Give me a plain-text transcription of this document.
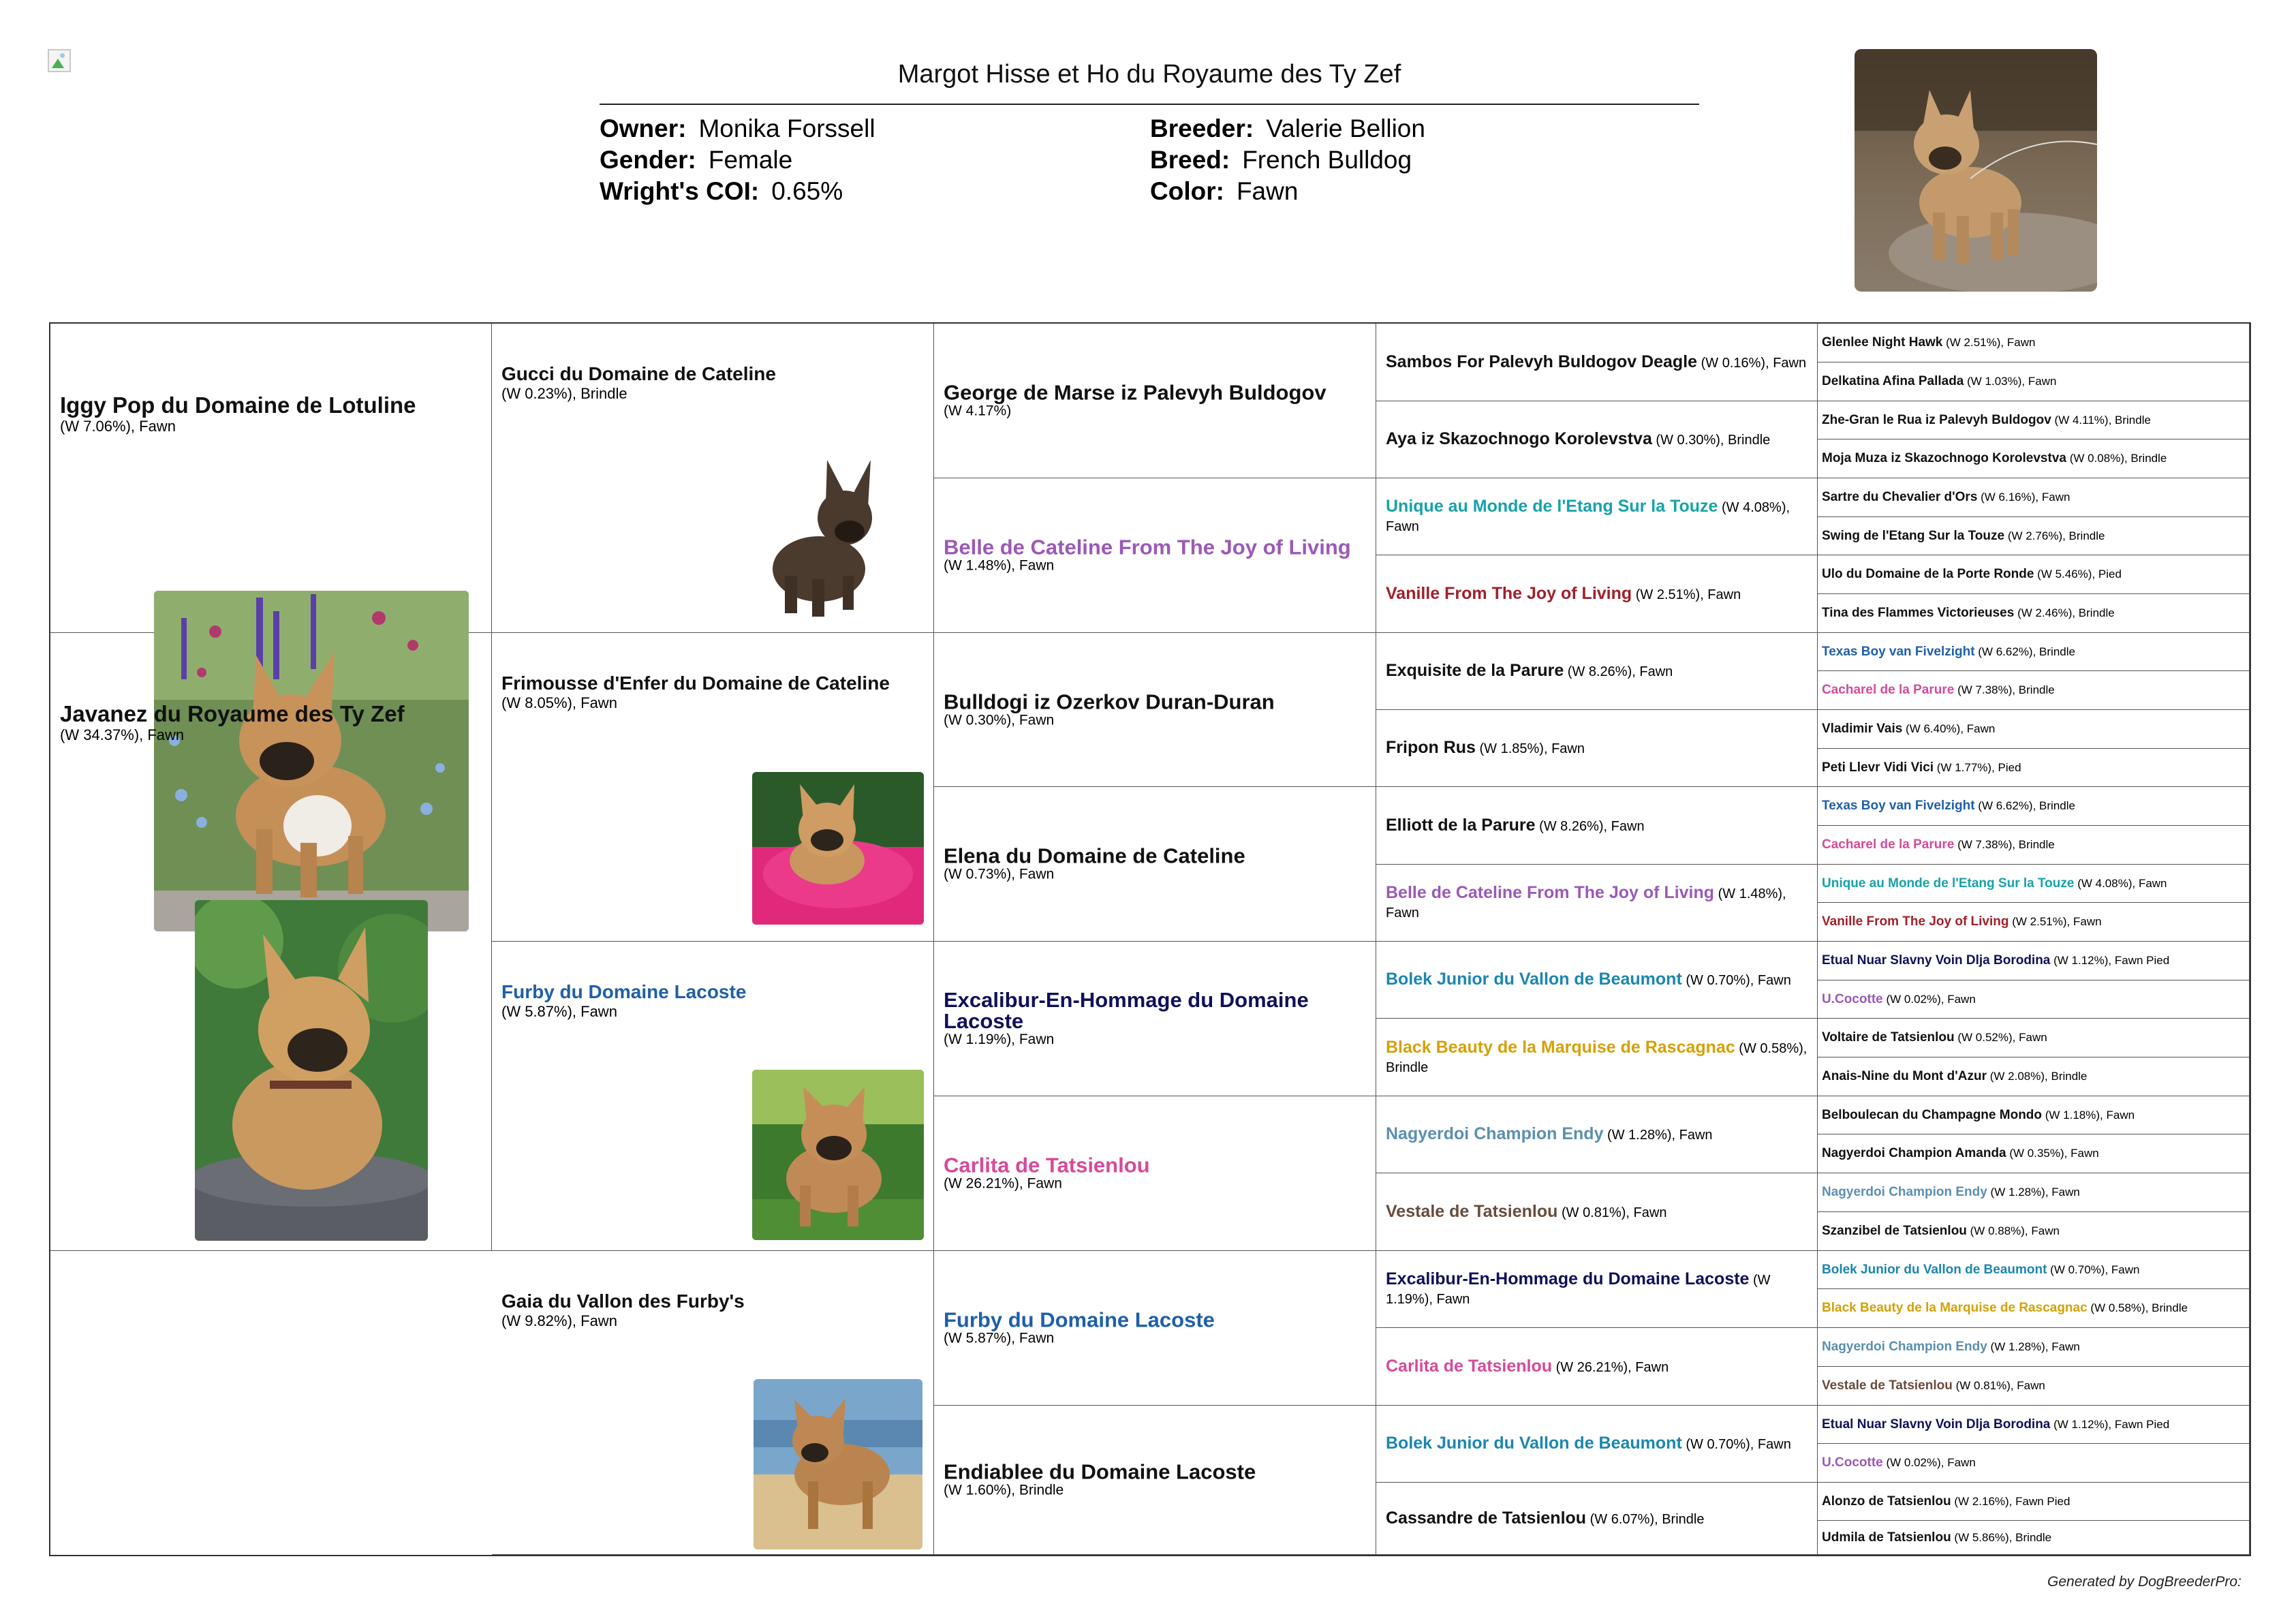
Margot Hisse et Ho du Royaume des Ty Zef
Owner: Monika Forssell
Gender: Female
Wright's COI: 0.65%
Breeder: Valerie Bellion
Breed: French Bulldog
Color: Fawn
Iggy Pop du Domaine de Lotuline
(W 7.06%), Fawn
Javanez du Royaume des Ty Zef
(W 34.37%), Fawn
Gucci du Domaine de Cateline
(W 0.23%), Brindle
Frimousse d'Enfer du Domaine de Cateline
(W 8.05%), Fawn
Furby du Domaine Lacoste
(W 5.87%), Fawn
Gaia du Vallon des Furby's
(W 9.82%), Fawn
George de Marse iz Palevyh Buldogov
(W 4.17%)
Belle de Cateline From The Joy of Living
(W 1.48%), Fawn
Bulldogi iz Ozerkov Duran-Duran
(W 0.30%), Fawn
Elena du Domaine de Cateline
(W 0.73%), Fawn
Excalibur-En-Hommage du Domaine Lacoste
(W 1.19%), Fawn
Carlita de Tatsienlou
(W 26.21%), Fawn
Furby du Domaine Lacoste
(W 5.87%), Fawn
Endiablee du Domaine Lacoste
(W 1.60%), Brindle
Sambos For Palevyh Buldogov Deagle (W 0.16%), Fawn
Aya iz Skazochnogo Korolevstva (W 0.30%), Brindle
Unique au Monde de l'Etang Sur la Touze (W 4.08%), Fawn
Vanille From The Joy of Living (W 2.51%), Fawn
Exquisite de la Parure (W 8.26%), Fawn
Fripon Rus (W 1.85%), Fawn
Elliott de la Parure (W 8.26%), Fawn
Belle de Cateline From The Joy of Living (W 1.48%), Fawn
Bolek Junior du Vallon de Beaumont (W 0.70%), Fawn
Black Beauty de la Marquise de Rascagnac (W 0.58%), Brindle
Nagyerdoi Champion Endy (W 1.28%), Fawn
Vestale de Tatsienlou (W 0.81%), Fawn
Excalibur-En-Hommage du Domaine Lacoste (W 1.19%), Fawn
Carlita de Tatsienlou (W 26.21%), Fawn
Bolek Junior du Vallon de Beaumont (W 0.70%), Fawn
Cassandre de Tatsienlou (W 6.07%), Brindle
Glenlee Night Hawk (W 2.51%), Fawn
Delkatina Afina Pallada (W 1.03%), Fawn
Zhe-Gran le Rua iz Palevyh Buldogov (W 4.11%), Brindle
Moja Muza iz Skazochnogo Korolevstva (W 0.08%), Brindle
Sartre du Chevalier d'Ors (W 6.16%), Fawn
Swing de l'Etang Sur la Touze (W 2.76%), Brindle
Ulo du Domaine de la Porte Ronde (W 5.46%), Pied
Tina des Flammes Victorieuses (W 2.46%), Brindle
Texas Boy van Fivelzight (W 6.62%), Brindle
Cacharel de la Parure (W 7.38%), Brindle
Vladimir Vais (W 6.40%), Fawn
Peti Llevr Vidi Vici (W 1.77%), Pied
Texas Boy van Fivelzight (W 6.62%), Brindle
Cacharel de la Parure (W 7.38%), Brindle
Unique au Monde de l'Etang Sur la Touze (W 4.08%), Fawn
Vanille From The Joy of Living (W 2.51%), Fawn
Etual Nuar Slavny Voin Dlja Borodina (W 1.12%), Fawn Pied
U.Cocotte (W 0.02%), Fawn
Voltaire de Tatsienlou (W 0.52%), Fawn
Anais-Nine du Mont d'Azur (W 2.08%), Brindle
Belboulecan du Champagne Mondo (W 1.18%), Fawn
Nagyerdoi Champion Amanda (W 0.35%), Fawn
Nagyerdoi Champion Endy (W 1.28%), Fawn
Szanzibel de Tatsienlou (W 0.88%), Fawn
Bolek Junior du Vallon de Beaumont (W 0.70%), Fawn
Black Beauty de la Marquise de Rascagnac (W 0.58%), Brindle
Nagyerdoi Champion Endy (W 1.28%), Fawn
Vestale de Tatsienlou (W 0.81%), Fawn
Etual Nuar Slavny Voin Dlja Borodina (W 1.12%), Fawn Pied
U.Cocotte (W 0.02%), Fawn
Alonzo de Tatsienlou (W 2.16%), Fawn Pied
Udmila de Tatsienlou (W 5.86%), Brindle
Generated by DogBreederPro:
